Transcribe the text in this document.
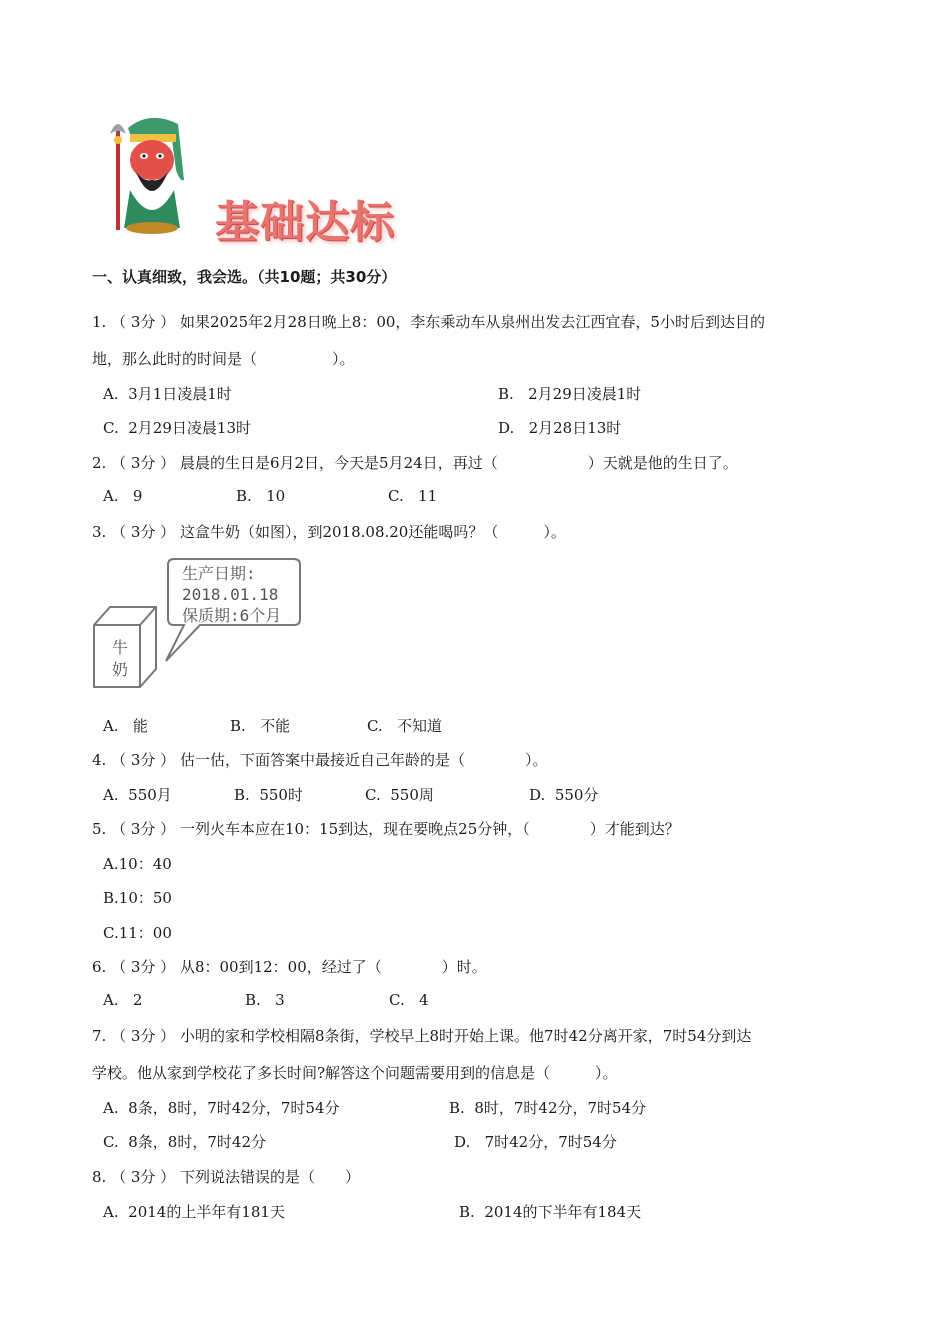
基础达标
一、认真细致，我会选。（共10题；共30分）
1. （ 3分 ） 如果2025年2月28日晚上8：00，李东乘动车从泉州出发去江西宜春，5小时后到达目的
地，那么此时的时间是（　　　　　）。
A. 3月1日凌晨1时	B. 2月29日凌晨1时
C. 2月29日凌晨13时	D. 2月28日13时
2. （ 3分 ） 晨晨的生日是6月2日，今天是5月24日，再过（　　　　　　）天就是他的生日了。
A. 9	B. 10	C. 11
3. （ 3分 ） 这盒牛奶（如图），到2018.08.20还能喝吗？（　　　）。
生产日期:
2018.01.18
保质期:6个月
牛
奶
A. 能	B. 不能	C. 不知道
4. （ 3分 ） 估一估，下面答案中最接近自己年龄的是（　　　　）。
A. 550月	B. 550时	C. 550周	D. 550分
5. （ 3分 ） 一列火车本应在10：15到达，现在要晚点25分钟，（　　　　）才能到达？
A.10：40
B.10：50
C.11：00
6. （ 3分 ） 从8：00到12：00，经过了（　　　　）时。
A. 2	B. 3	C. 4
7. （ 3分 ） 小明的家和学校相隔8条街，学校早上8时开始上课。他7时42分离开家，7时54分到达
学校。他从家到学校花了多长时间?解答这个问题需要用到的信息是（　　　）。
A. 8条，8时，7时42分，7时54分	B. 8时，7时42分，7时54分
C. 8条，8时，7时42分	D. 7时42分，7时54分
8. （ 3分 ） 下列说法错误的是（　　）
A. 2014的上半年有181天	B. 2014的下半年有184天
